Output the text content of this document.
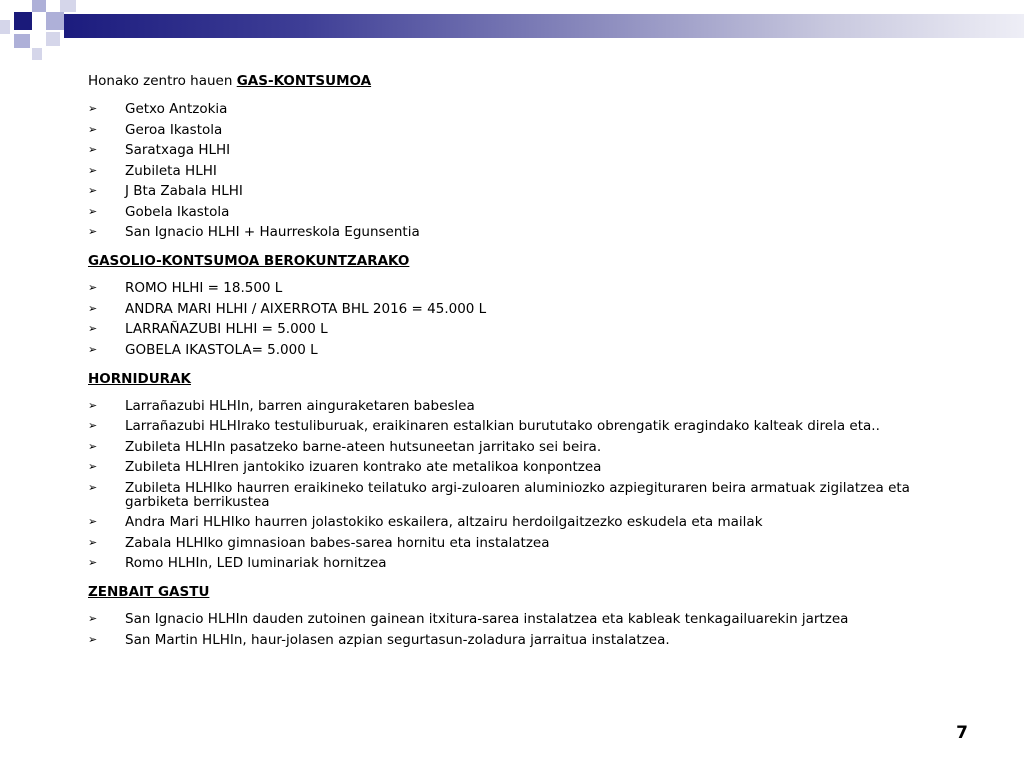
Honako zentro hauen GAS-KONTSUMOA

➢ Getxo Antzokia
➢ Geroa Ikastola
➢ Saratxaga HLHI
➢ Zubileta HLHI
➢ J Bta Zabala HLHI
➢ Gobela Ikastola
➢ San Ignacio HLHI + Haurreskola Egunsentia

GASOLIO-KONTSUMOA BEROKUNTZARAKO

➢ ROMO HLHI = 18.500 L
➢ ANDRA MARI HLHI / AIXERROTA BHL 2016 = 45.000 L
➢ LARRAÑAZUBI HLHI = 5.000 L
➢ GOBELA IKASTOLA= 5.000 L

HORNIDURAK

➢ Larrañazubi HLHIn, barren ainguraketaren babeslea
➢ Larrañazubi HLHIrako testuliburuak, eraikinaren estalkian burututako obrengatik eragindako kalteak direla eta..
➢ Zubileta HLHIn pasatzeko barne-ateen hutsuneetan jarritako sei beira.
➢ Zubileta HLHIren jantokiko izuaren kontrako ate metalikoa konpontzea
➢ Zubileta HLHIko haurren eraikineko teilatuko argi-zuloaren aluminiozko azpiegituraren beira armatuak zigilatzea eta garbiketa berrikustea
➢ Andra Mari HLHIko haurren jolastokiko eskailera, altzairu herdoilgaitzezko eskudela eta mailak
➢ Zabala HLHIko gimnasioan babes-sarea hornitu eta instalatzea
➢ Romo HLHIn, LED luminariak hornitzea

ZENBAIT GASTU

➢ San Ignacio HLHIn dauden zutoinen gainean itxitura-sarea instalatzea eta kableak tenkagailuarekin jartzea
➢ San Martin HLHIn, haur-jolasen azpian segurtasun-zoladura jarraitua instalatzea.
7
